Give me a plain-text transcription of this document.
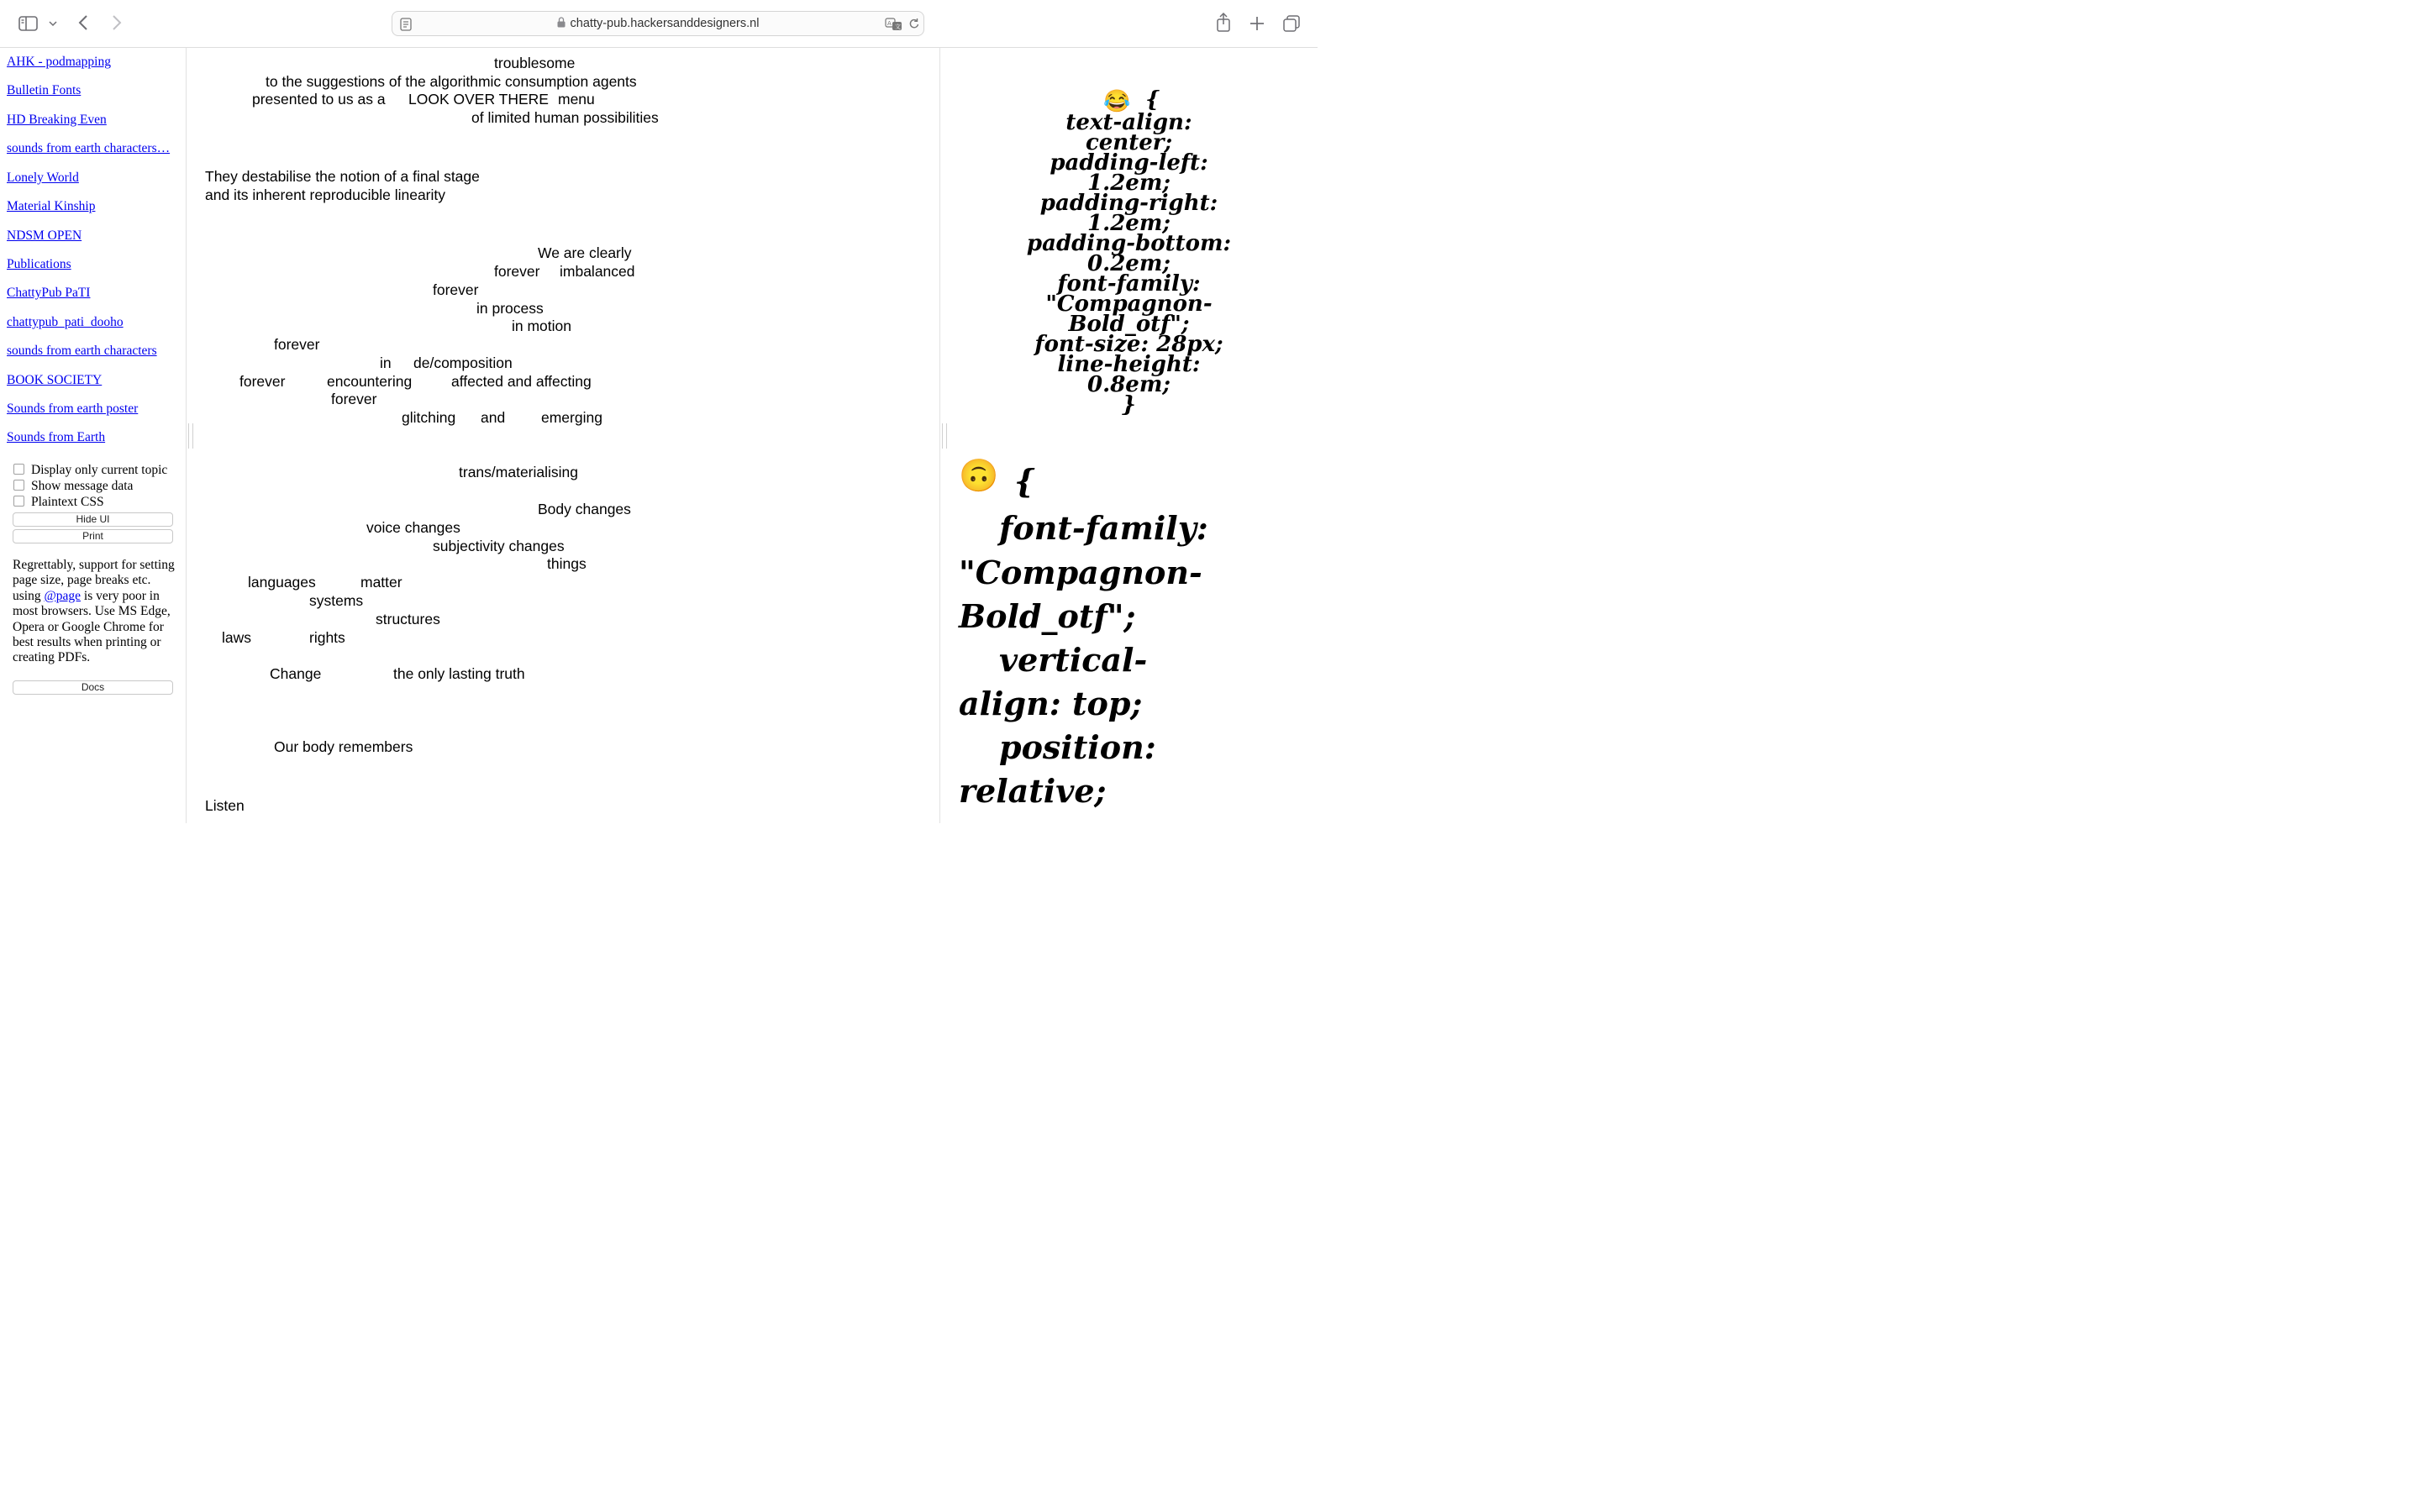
chatty-pub.hackersanddesigners.nl	A 文
AHK - podmapping
Bulletin Fonts
HD Breaking Even
sounds from earth characters…
Lonely World
Material Kinship
NDSM OPEN
Publications
ChattyPub PaTI
chattypub_pati_dooho
sounds from earth characters
BOOK SOCIETY
Sounds from earth poster
Sounds from Earth
Display only current topic
Show message data
Plaintext CSS
Hide UI
Print
Regrettably, support for setting page size, page breaks etc. using @page is very poor in most browsers. Use MS Edge, Opera or Google Chrome for best results when printing or creating PDFs.
Docs
troublesome
to the suggestions of the algorithmic consumption agents
presented to us as a LOOK OVER THERE menu
of limited human possibilities
They destabilise the notion of a final stage
and its inherent reproducible linearity
We are clearly
forever imbalanced
forever
in process
in motion
forever
in de/composition
forever	encountering	affected and affecting
forever
glitching and emerging
trans/materialising
Body changes
voice changes
subjectivity changes
things
languages	matter
systems
structures
laws	rights
Change	the only lasting truth
Our body remembers
Listen
😂 {
text-align:
center;
padding-left:
1.2em;
padding-right:
1.2em;
padding-bottom:
0.2em;
font-family:
"Compagnon-
Bold_otf";
font-size: 28px;
line-height:
0.8em;
}
🙃 {
font-family:
"Compagnon-
Bold_otf";
vertical-
align: top;
position:
relative;
